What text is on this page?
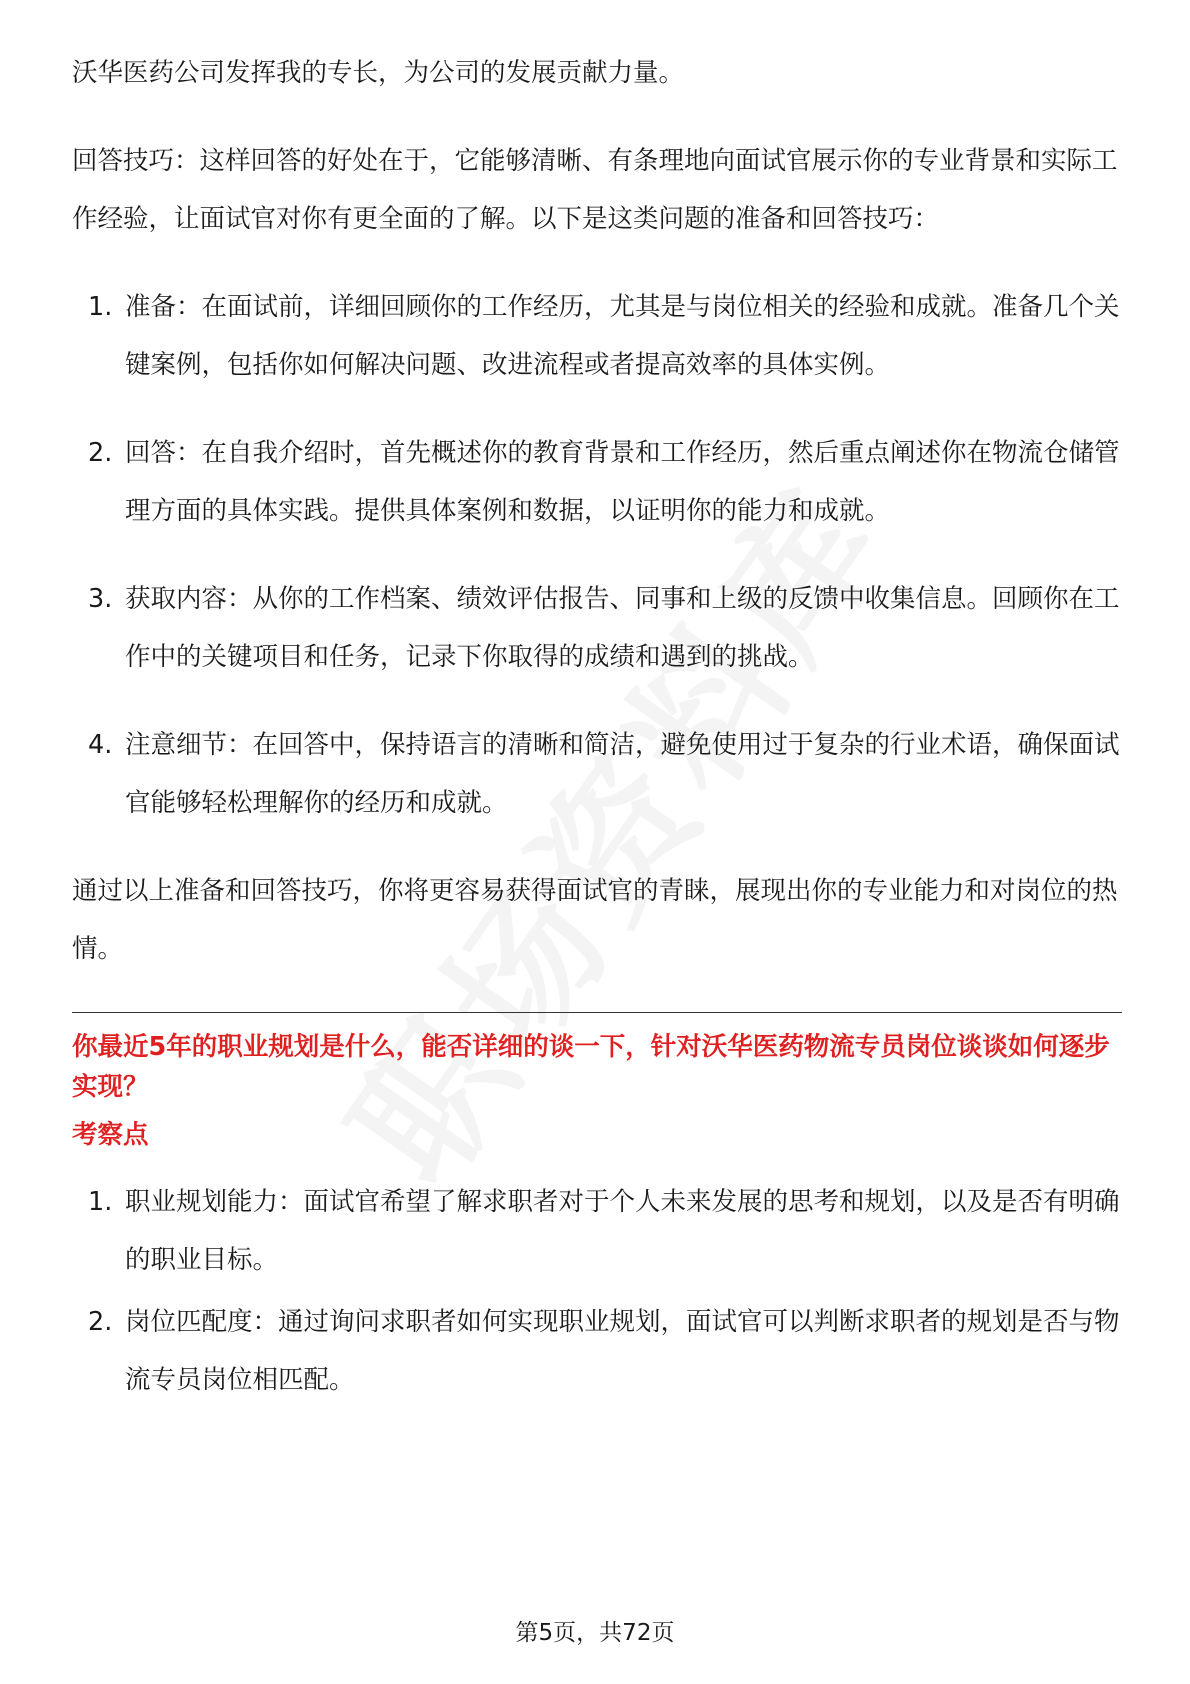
沃华医药公司发挥我的专长，为公司的发展贡献力量。

回答技巧：这样回答的好处在于，它能够清晰、有条理地向面试官展示你的专业背景和实际工作经验，让面试官对你有更全面的了解。以下是这类问题的准备和回答技巧：

1. 准备：在面试前，详细回顾你的工作经历，尤其是与岗位相关的经验和成就。准备几个关键案例，包括你如何解决问题、改进流程或者提高效率的具体实例。
2. 回答：在自我介绍时，首先概述你的教育背景和工作经历，然后重点阐述你在物流仓储管理方面的具体实践。提供具体案例和数据，以证明你的能力和成就。
3. 获取内容：从你的工作档案、绩效评估报告、同事和上级的反馈中收集信息。回顾你在工作中的关键项目和任务，记录下你取得的成绩和遇到的挑战。
4. 注意细节：在回答中，保持语言的清晰和简洁，避免使用过于复杂的行业术语，确保面试官能够轻松理解你的经历和成就。

通过以上准备和回答技巧，你将更容易获得面试官的青睐，展现出你的专业能力和对岗位的热情。

你最近5年的职业规划是什么，能否详细的谈一下，针对沃华医药物流专员岗位谈谈如何逐步实现？

考察点

1. 职业规划能力：面试官希望了解求职者对于个人未来发展的思考和规划，以及是否有明确的职业目标。
2. 岗位匹配度：通过询问求职者如何实现职业规划，面试官可以判断求职者的规划是否与物流专员岗位相匹配。
第5页，共72页
